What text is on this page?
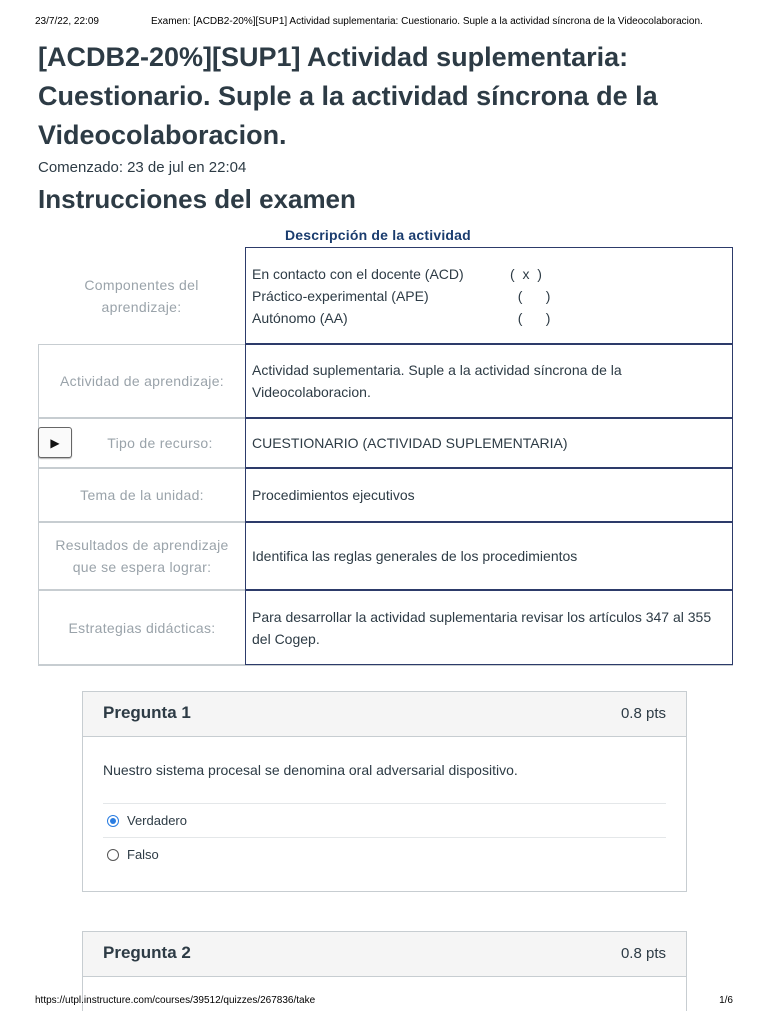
23/7/22, 22:09	Examen: [ACDB2-20%][SUP1] Actividad suplementaria: Cuestionario. Suple a la actividad síncrona de la Videocolaboracion.
[ACDB2-20%][SUP1] Actividad suplementaria: Cuestionario. Suple a la actividad síncrona de la Videocolaboracion.
Comenzado: 23 de jul en 22:04
Instrucciones del examen
Descripción de la actividad
Componentes del aprendizaje:
En contacto con el docente (ACD)	(  x  )
Práctico-experimental (APE)	(      )
Autónomo (AA)	(      )
Actividad de aprendizaje:
Actividad suplementaria. Suple a la actividad síncrona de la Videocolaboracion.
Tipo de recurso:
▶	CUESTIONARIO (ACTIVIDAD SUPLEMENTARIA)
Tema de la unidad:	Procedimientos ejecutivos
Resultados de aprendizaje que se espera lograr:
Identifica las reglas generales de los procedimientos
Estrategias didácticas:
Para desarrollar la actividad suplementaria revisar los artículos 347 al 355 del Cogep.
Pregunta 1	0.8 pts
Nuestro sistema procesal se denomina oral adversarial dispositivo.
Verdadero
Falso
Pregunta 2	0.8 pts
https://utpl.instructure.com/courses/39512/quizzes/267836/take	1/6
